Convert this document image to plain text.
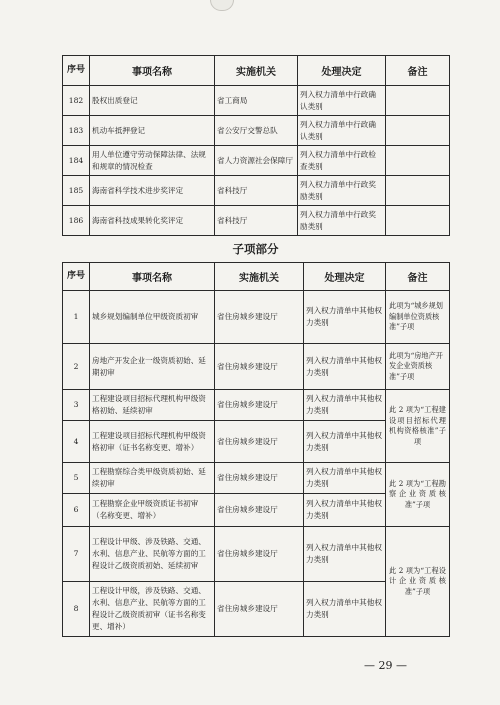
序号	事项名称	实施机关	处理决定	备注
182	股权出质登记	省工商局	列入权力清单中行政确认类别	
183	机动车抵押登记	省公安厅交警总队	列入权力清单中行政确认类别	
184	用人单位遵守劳动保障法律、法规和规章的情况检查	省人力资源社会保障厅	列入权力清单中行政检查类别	
185	海南省科学技术进步奖评定	省科技厅	列入权力清单中行政奖励类别	
186	海南省科技成果转化奖评定	省科技厅	列入权力清单中行政奖励类别	
子项部分
序号	事项名称	实施机关	处理决定	备注
1	城乡规划编制单位甲级资质初审	省住房城乡建设厅	列入权力清单中其他权力类别	此项为“城乡规划编制单位资质核准”子项
2	房地产开发企业一级资质初始、延期初审	省住房城乡建设厅	列入权力清单中其他权力类别	此项为“房地产开发企业资质核准”子项
3	工程建设项目招标代理机构甲级资格初始、延续初审	省住房城乡建设厅	列入权力清单中其他权力类别	此 2 项为“工程建设项目招标代理机构资格核准”子项
4	工程建设项目招标代理机构甲级资格初审（证书名称变更、增补）	省住房城乡建设厅	列入权力清单中其他权力类别	
5	工程勘察综合类甲级资质初始、延续初审	省住房城乡建设厅	列入权力清单中其他权力类别	此 2 项为“工程勘察企业资质核准”子项
6	工程勘察企业甲级资质证书初审（名称变更、增补）	省住房城乡建设厅	列入权力清单中其他权力类别	
7	工程设计甲级、涉及铁路、交通、水利、信息产业、民航等方面的工程设计乙级资质初始、延续初审	省住房城乡建设厅	列入权力清单中其他权力类别	此 2 项为“工程设计企业资质核准”子项
8	工程设计甲级，涉及铁路、交通、水利、信息产业、民航等方面的工程设计乙级资质初审（证书名称变更、增补）	省住房城乡建设厅	列入权力清单中其他权力类别	
— 29 —
